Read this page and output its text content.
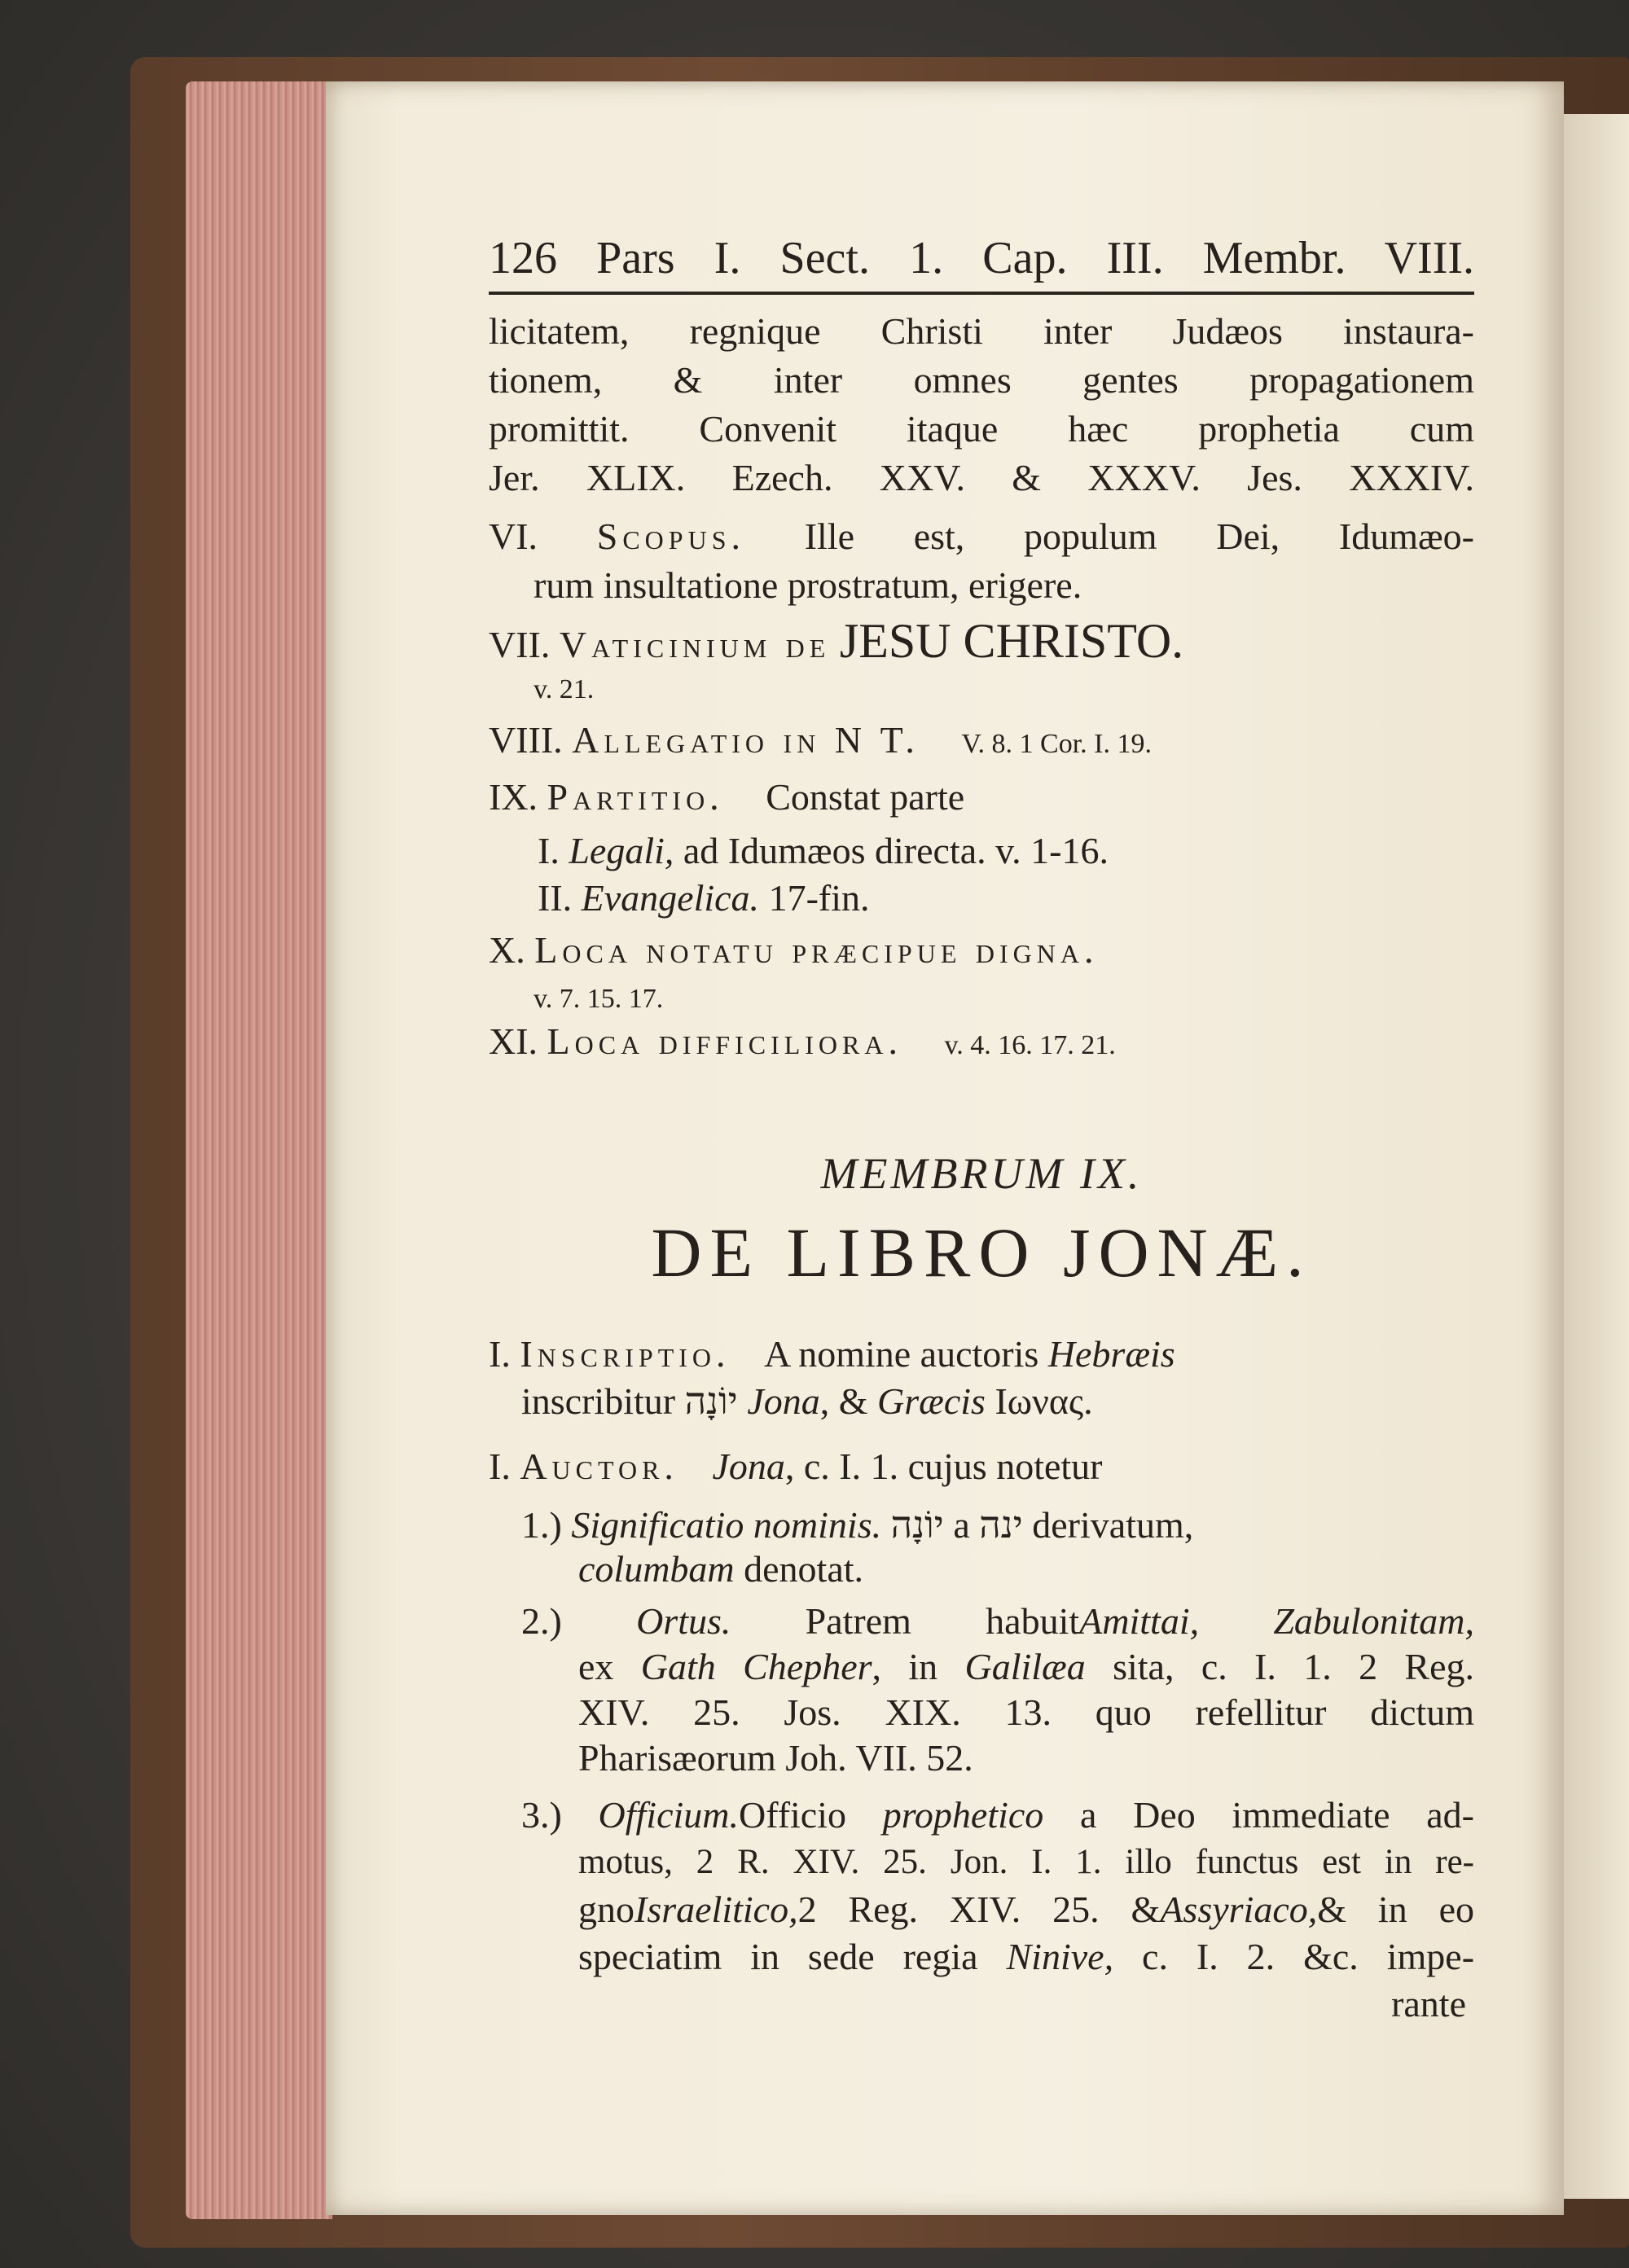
126 Pars I. Sect. 1. Cap. III. Membr. VIII.
licitatem, regnique Christi inter Judæos instaura-
tionem, & inter omnes gentes propagationem
promittit. Convenit itaque hæc prophetia cum
Jer. XLIX. Ezech. XXV. & XXXV. Jes. XXXIV.
VI. Scopus. Ille est, populum Dei, Idumæo-
rum insultatione prostratum, erigere.
VII. Vaticinium de JESU CHRISTO.
v. 21.
VIII. Allegatio in N T. V. 8. 1 Cor. I. 19.
IX. Partitio. Constat parte
I. Legali, ad Idumæos directa. v. 1-16.
II. Evangelica. 17-fin.
X. Loca notatu præcipue digna.
v. 7. 15. 17.
XI. Loca difficiliora. v. 4. 16. 17. 21.
MEMBRUM IX.
DE LIBRO JONÆ.
I. Inscriptio. A nomine auctoris Hebræis
inscribitur יוֹנָה Jona, & Græcis Ιωνας.
I. Auctor. Jona, c. I. 1. cujus notetur
1.) Significatio nominis. יוֹנָה a ינה derivatum,
columbam denotat.
2.) Ortus. Patrem habuitAmittai, Zabulonitam,
ex Gath Chepher, in Galilæa sita, c. I. 1. 2 Reg.
XIV. 25. Jos. XIX. 13. quo refellitur dictum
Pharisæorum Joh. VII. 52.
3.) Officium.Officio prophetico a Deo immediate ad-
motus, 2 R. XIV. 25. Jon. I. 1. illo functus est in re-
gnoIsraelitico,2 Reg. XIV. 25. &Assyriaco,& in eo
speciatim in sede regia Ninive, c. I. 2. &c. impe-
rante
